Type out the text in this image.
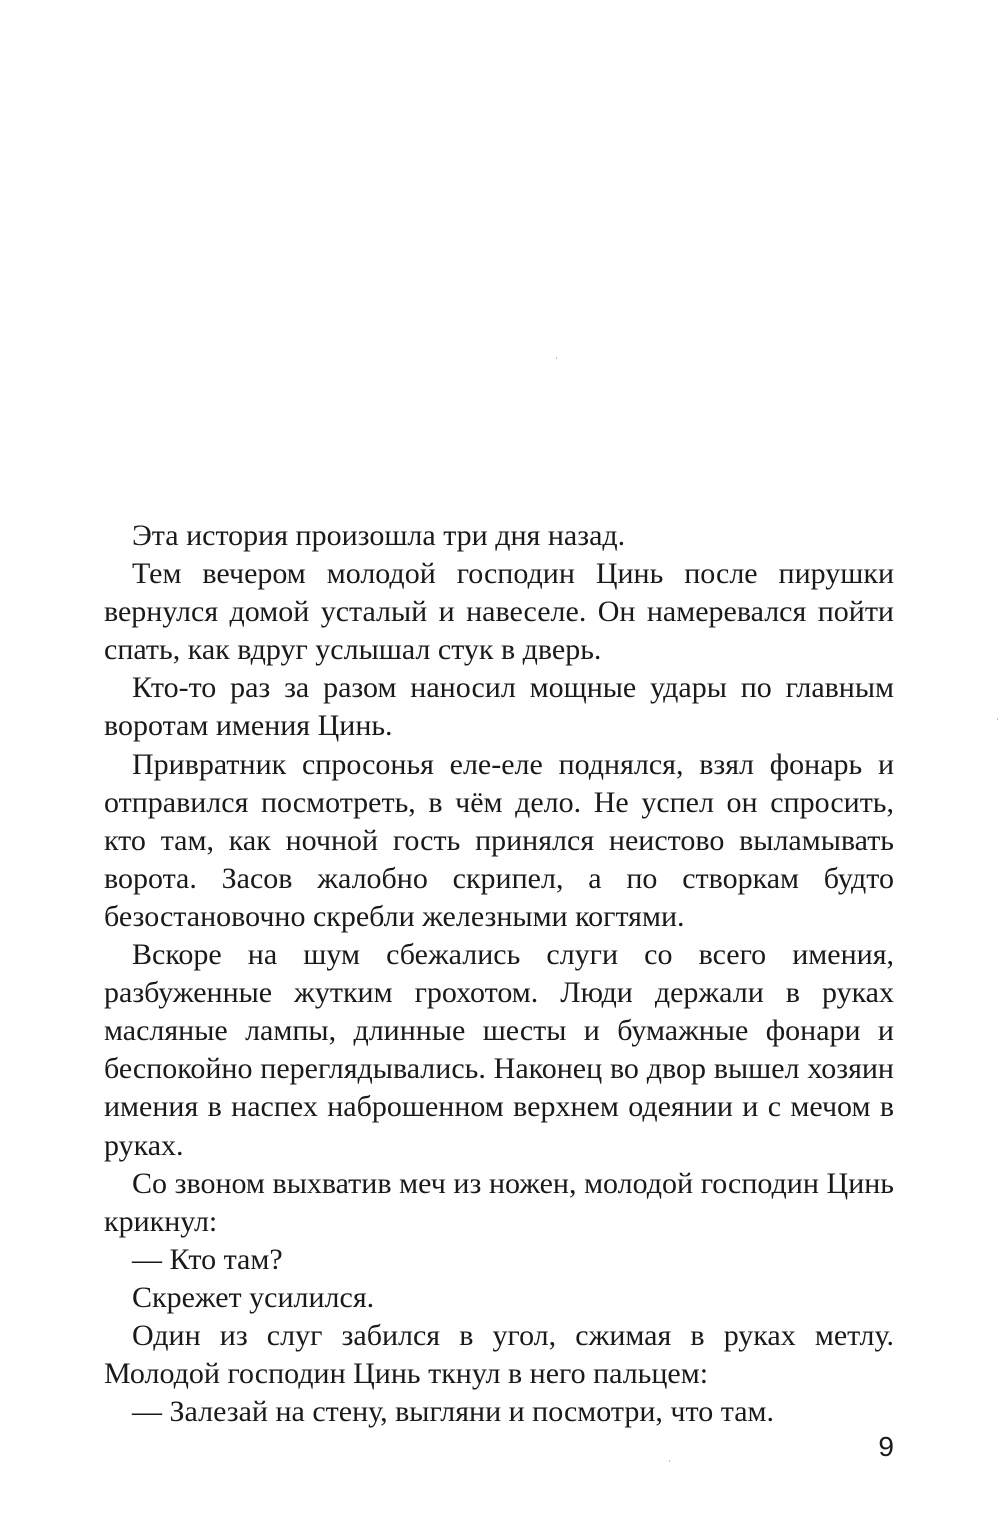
Эта история произошла три дня назад.

Тем вечером молодой господин Цинь после пирушки вернулся домой усталый и навеселе. Он намеревался пойти спать, как вдруг услышал стук в дверь.

Кто-то раз за разом наносил мощные удары по главным воротам имения Цинь.

Привратник спросонья еле-еле поднялся, взял фонарь и отправился посмотреть, в чём дело. Не успел он спросить, кто там, как ночной гость принялся неистово выламывать ворота. Засов жалобно скрипел, а по створкам будто безостановочно скребли железными когтями.

Вскоре на шум сбежались слуги со всего имения, разбуженные жутким грохотом. Люди держали в руках масляные лампы, длинные шесты и бумажные фонари и беспокойно переглядывались. Наконец во двор вышел хозяин имения в наспех наброшенном верхнем одеянии и с мечом в руках.

Со звоном выхватив меч из ножен, молодой господин Цинь крикнул:

— Кто там?

Скрежет усилился.

Один из слуг забился в угол, сжимая в руках метлу. Молодой господин Цинь ткнул в него пальцем:

— Залезай на стену, выгляни и посмотри, что там.

9
